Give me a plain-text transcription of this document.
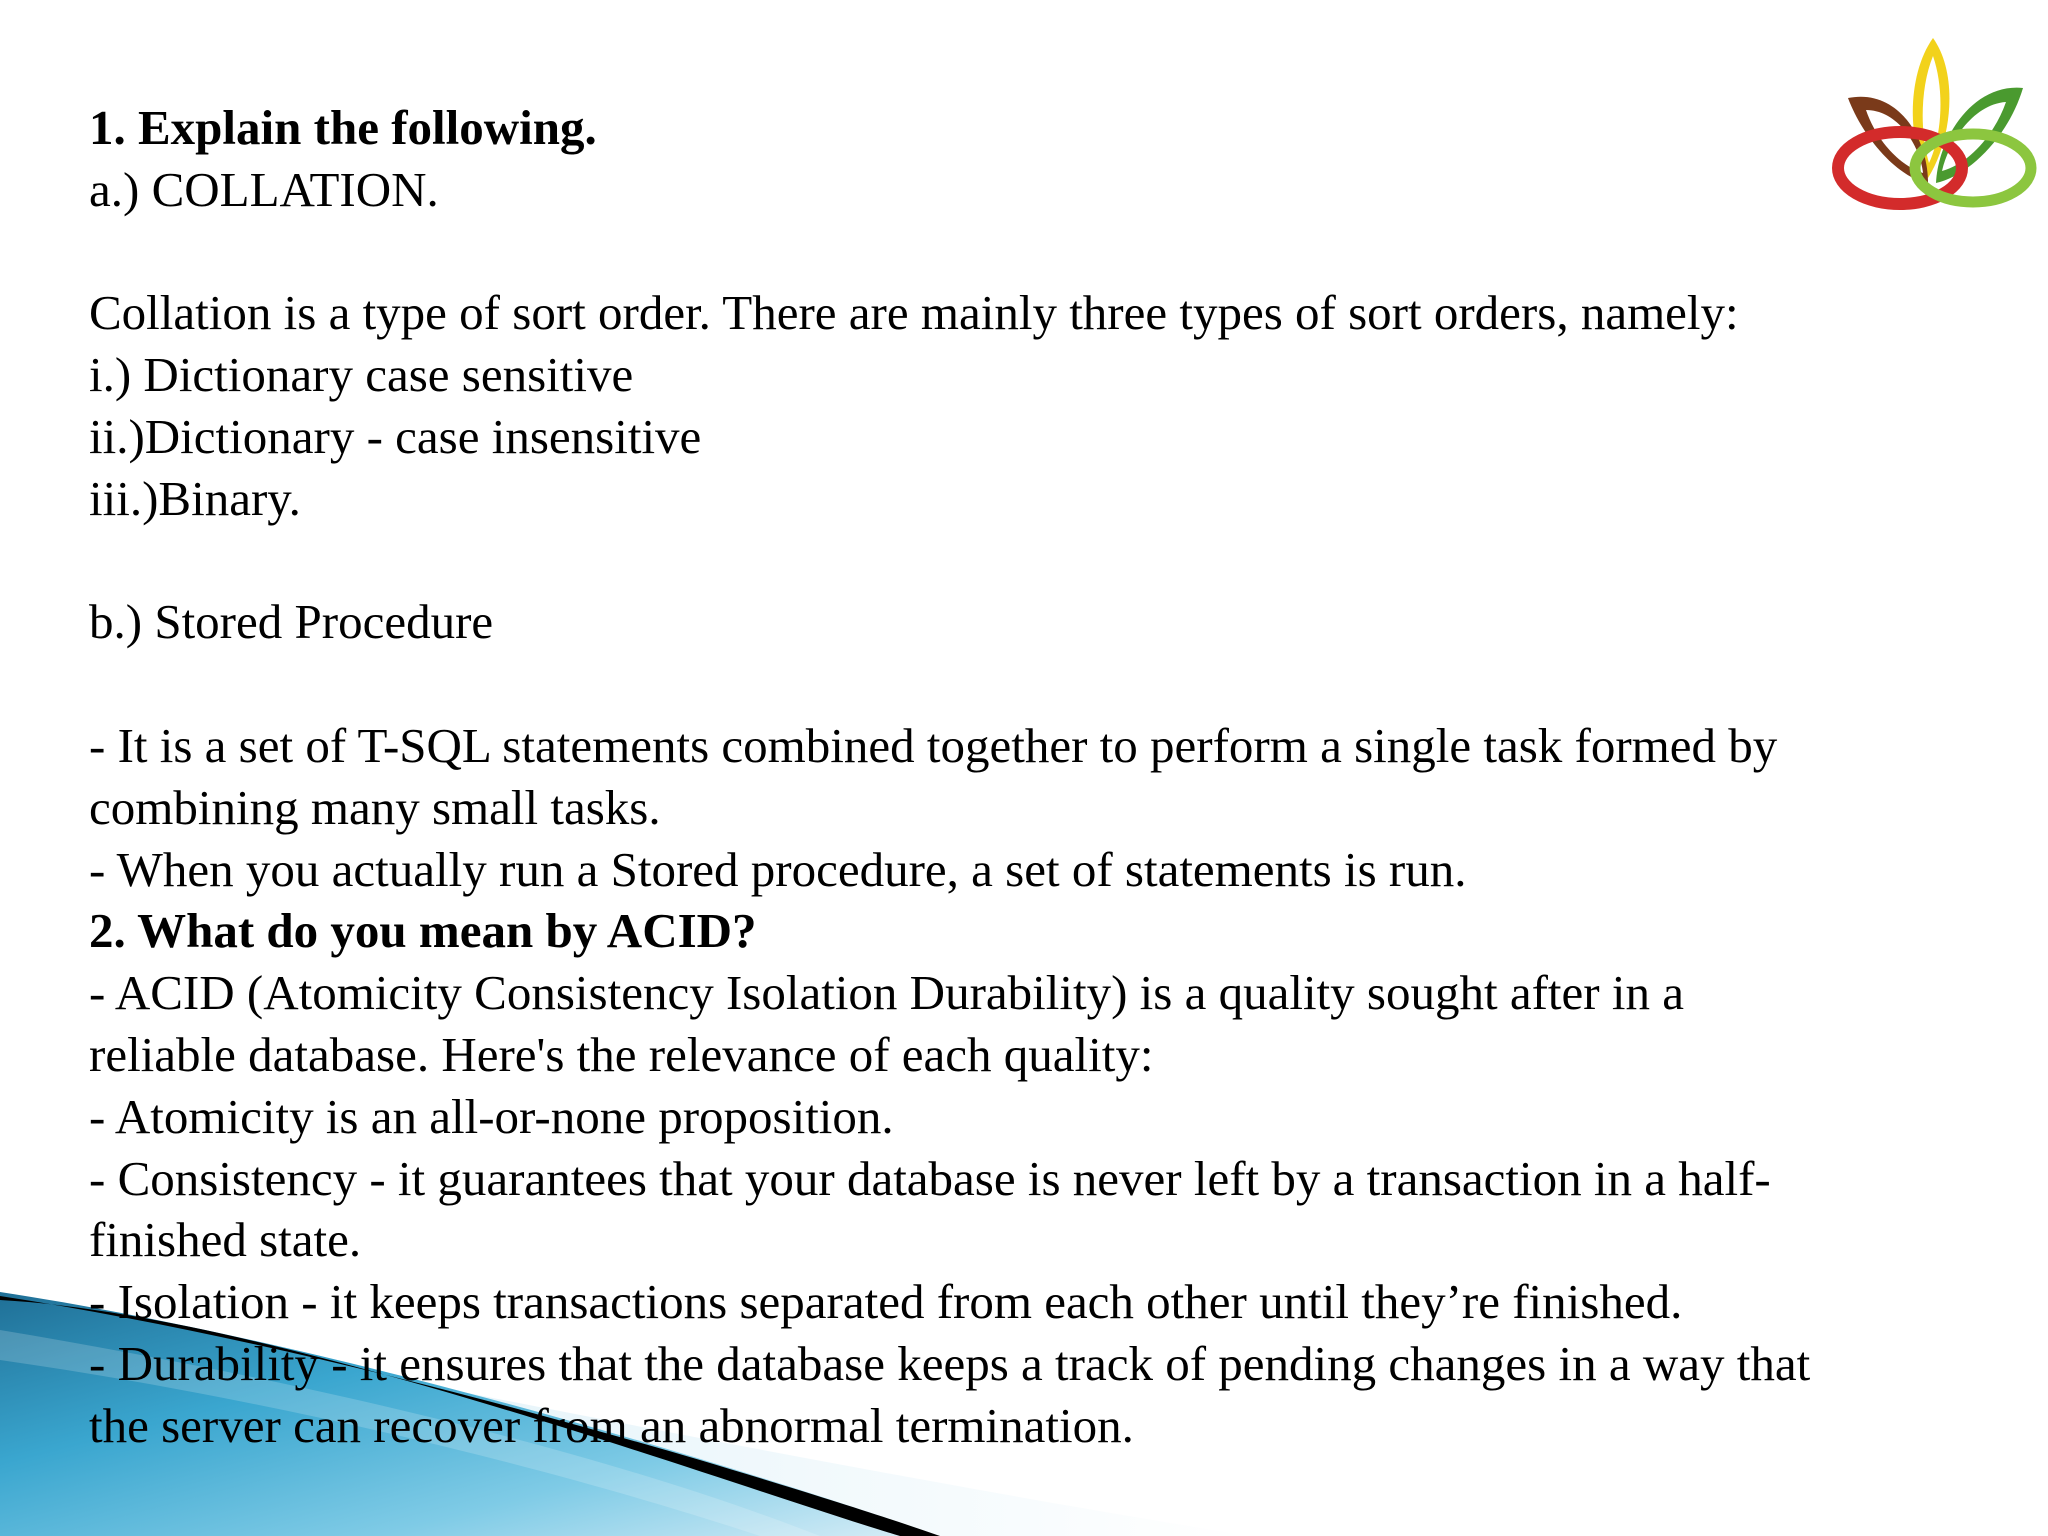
1. Explain the following.
a.) COLLATION.
Collation is a type of sort order. There are mainly three types of sort orders, namely:
i.) Dictionary case sensitive
ii.)Dictionary - case insensitive
iii.)Binary.
b.) Stored Procedure
- It is a set of T-SQL statements combined together to perform a single task formed by
combining many small tasks.
- When you actually run a Stored procedure, a set of statements is run.
2. What do you mean by ACID?
- ACID (Atomicity Consistency Isolation Durability) is a quality sought after in a
reliable database. Here's the relevance of each quality:
- Atomicity is an all-or-none proposition.
- Consistency - it guarantees that your database is never left by a transaction in a half-
finished state.
- Isolation - it keeps transactions separated from each other until they’re finished.
- Durability - it ensures that the database keeps a track of pending changes in a way that
the server can recover from an abnormal termination.
